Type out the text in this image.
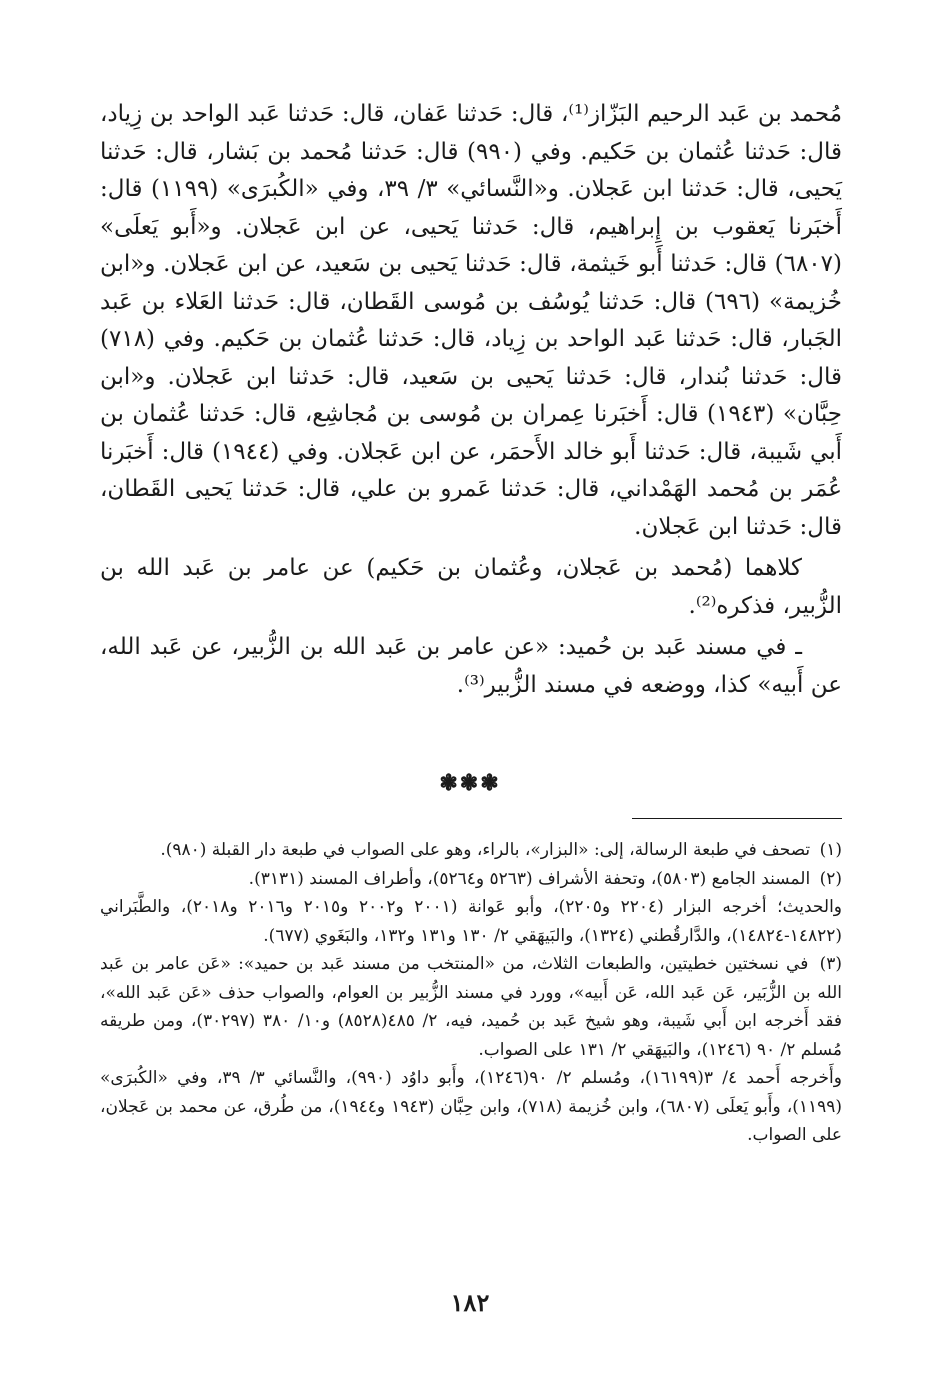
مُحمد بن عَبد الرحيم البَزّاز⁽¹⁾، قال: حَدثنا عَفان، قال: حَدثنا عَبد الواحد بن زِياد، قال: حَدثنا عُثمان بن حَكيم. وفي (٩٩٠) قال: حَدثنا مُحمد بن بَشار، قال: حَدثنا يَحيى، قال: حَدثنا ابن عَجلان. و«النَّسائي» ٣/ ٣٩، وفي «الكُبرَى» (١١٩٩) قال: أَخبَرنا يَعقوب بن إِبراهيم، قال: حَدثنا يَحيى، عن ابن عَجلان. و«أَبو يَعلَى» (٦٨٠٧) قال: حَدثنا أَبو خَيثمة، قال: حَدثنا يَحيى بن سَعيد، عن ابن عَجلان. و«ابن خُزيمة» (٦٩٦) قال: حَدثنا يُوسُف بن مُوسى القَطان، قال: حَدثنا العَلاء بن عَبد الجَبار، قال: حَدثنا عَبد الواحد بن زِياد، قال: حَدثنا عُثمان بن حَكيم. وفي (٧١٨) قال: حَدثنا بُندار، قال: حَدثنا يَحيى بن سَعيد، قال: حَدثنا ابن عَجلان. و«ابن حِبَّان» (١٩٤٣) قال: أَخبَرنا عِمران بن مُوسى بن مُجاشِع، قال: حَدثنا عُثمان بن أَبي شَيبة، قال: حَدثنا أَبو خالد الأَحمَر، عن ابن عَجلان. وفي (١٩٤٤) قال: أَخبَرنا عُمَر بن مُحمد الهَمْداني، قال: حَدثنا عَمرو بن علي، قال: حَدثنا يَحيى القَطان، قال: حَدثنا ابن عَجلان.

كلاهما (مُحمد بن عَجلان، وعُثمان بن حَكيم) عن عامر بن عَبد الله بن الزُّبير، فذكره⁽²⁾.

ـ في مسند عَبد بن حُميد: «عن عامر بن عَبد الله بن الزُّبير، عن عَبد الله، عن أَبيه» كذا، ووضعه في مسند الزُّبير⁽³⁾.

❃❃❃

(١) تصحف في طبعة الرسالة، إلى: «البزار»، بالراء، وهو على الصواب في طبعة دار القبلة (٩٨٠).

(٢) المسند الجامع (٥٨٠٣)، وتحفة الأشراف (٥٢٦٣ و٥٢٦٤)، وأطراف المسند (٣١٣١).
والحديث؛ أخرجه البزار (٢٢٠٤ و٢٢٠٥)، وأبو عَوانة (٢٠٠١ و٢٠٠٢ و٢٠١٥ و٢٠١٦ و٢٠١٨)، والطَّبَراني (١٤٨٢٢-١٤٨٢٤)، والدَّارقُطني (١٣٢٤)، والبَيهَقي ٢/ ١٣٠ و١٣١ و١٣٢، والبَغَوي (٦٧٧).

(٣) في نسختين خطيتين، والطبعات الثلاث، من «المنتخب من مسند عَبد بن حميد»: «عَن عامر بن عَبد الله بن الزُّبَير، عَن عَبد الله، عَن أَبيه»، وورد في مسند الزُّبير بن العوام، والصواب حذف «عَن عَبد الله»، فقد أَخرجه ابن أَبي شَيبة، وهو شيخ عَبد بن حُميد، فيه، ٢/ ٤٨٥(٨٥٢٨) و١٠/ ٣٨٠ (٣٠٢٩٧)، ومن طريقه مُسلم ٢/ ٩٠ (١٢٤٦)، والبَيهَقي ٢/ ١٣١ على الصواب.
وأَخرجه أَحمد ٤/ ٣(١٦١٩٩)، ومُسلم ٢/ ٩٠(١٢٤٦)، وأَبو داوُد (٩٩٠)، والنَّسائي ٣/ ٣٩، وفي «الكُبرَى» (١١٩٩)، وأَبو يَعلَى (٦٨٠٧)، وابن خُزيمة (٧١٨)، وابن حِبَّان (١٩٤٣ و١٩٤٤)، من طُرق، عن محمد بن عَجلان، على الصواب.

١٨٢
